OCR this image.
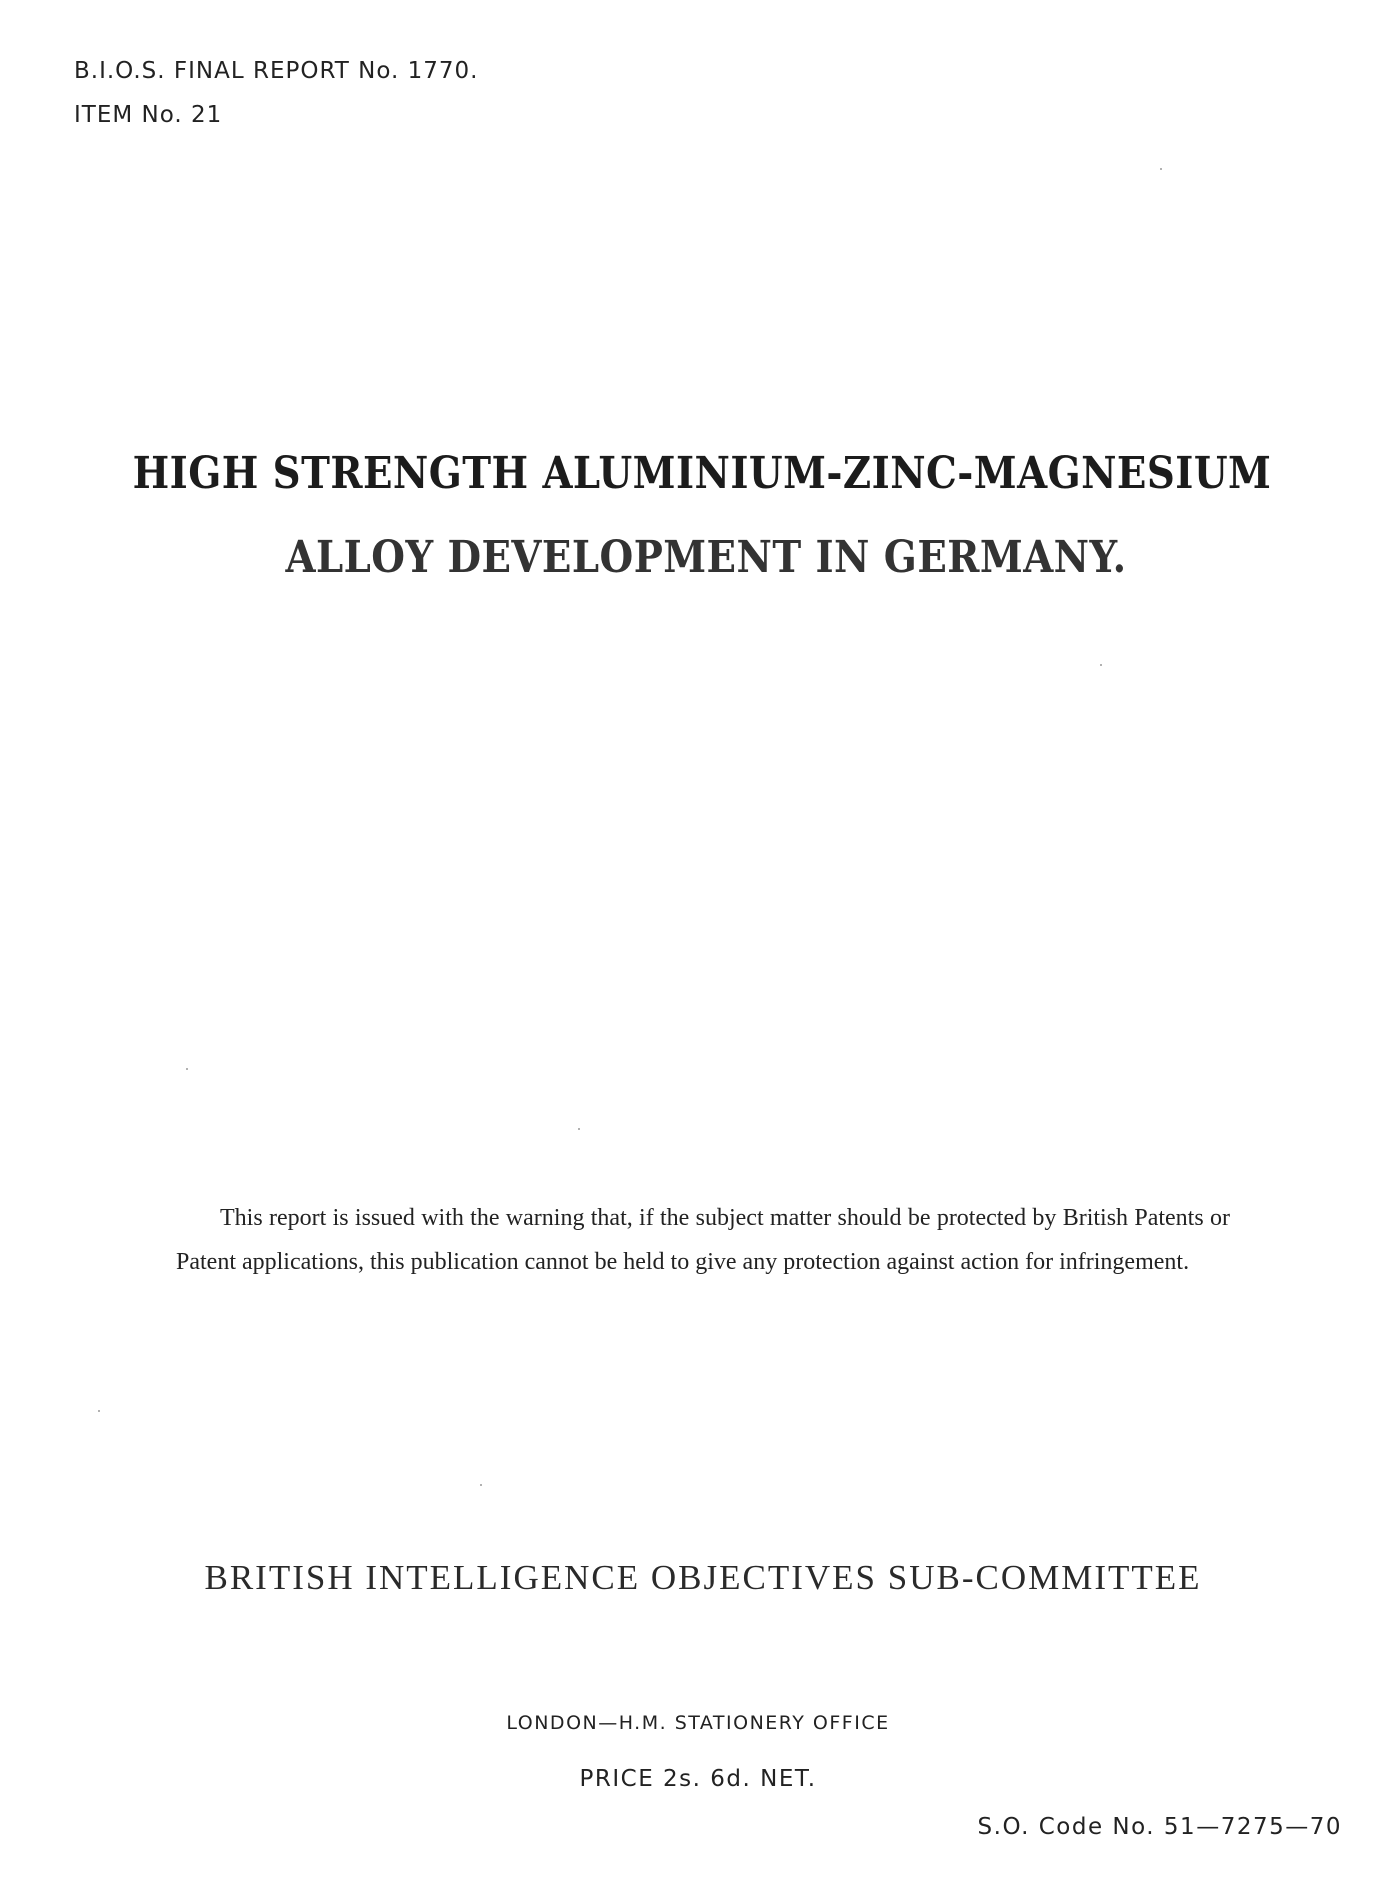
B.I.O.S. FINAL REPORT No. 1770.
ITEM No. 21
HIGH STRENGTH ALUMINIUM-ZINC-MAGNESIUM
ALLOY DEVELOPMENT IN GERMANY.
This report is issued with the warning that, if the subject matter should be protected by British Patents or Patent applications, this publication cannot be held to give any protection against action for infringement.
BRITISH INTELLIGENCE OBJECTIVES SUB-COMMITTEE
LONDON—H.M. STATIONERY OFFICE
PRICE 2s. 6d. NET.
S.O. Code No. 51—7275—70
